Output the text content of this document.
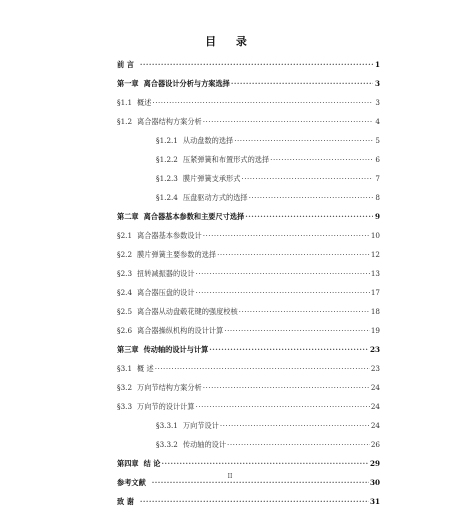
目 录
前 言 ·····	1
第一章 离合器设计分析与方案选择 ·····	3
§1.1 概述 ·····	3
§1.2 离合器结构方案分析 ·····	4
§1.2.1 从动盘数的选择 ·····	5
§1.2.2 压紧弹簧和布置形式的选择 ·····	6
§1.2.3 膜片弹簧支承形式 ·····	7
§1.2.4 压盘驱动方式的选择 ·····	8
第二章 离合器基本参数和主要尺寸选择 ·····	9
§2.1 离合器基本参数设计 ·····	10
§2.2 膜片弹簧主要参数的选择 ·····	12
§2.3 扭转减振器的设计 ·····	13
§2.4 离合器压盘的设计 ·····	17
§2.5 离合器从动盘毂花键的强度校核 ·····	18
§2.6 离合器操纵机构的设计计算 ·····	19
第三章 传动轴的设计与计算 ·····	23
§3.1 概 述 ·····	23
§3.2 万向节结构方案分析 ·····	24
§3.3 万向节的设计计算 ·····	24
§3.3.1 万向节设计 ·····	24
§3.3.2 传动轴的设计 ·····	26
第四章 结 论 ·····	29
参考文献 ·····	30
致 谢 ·····	31
II
